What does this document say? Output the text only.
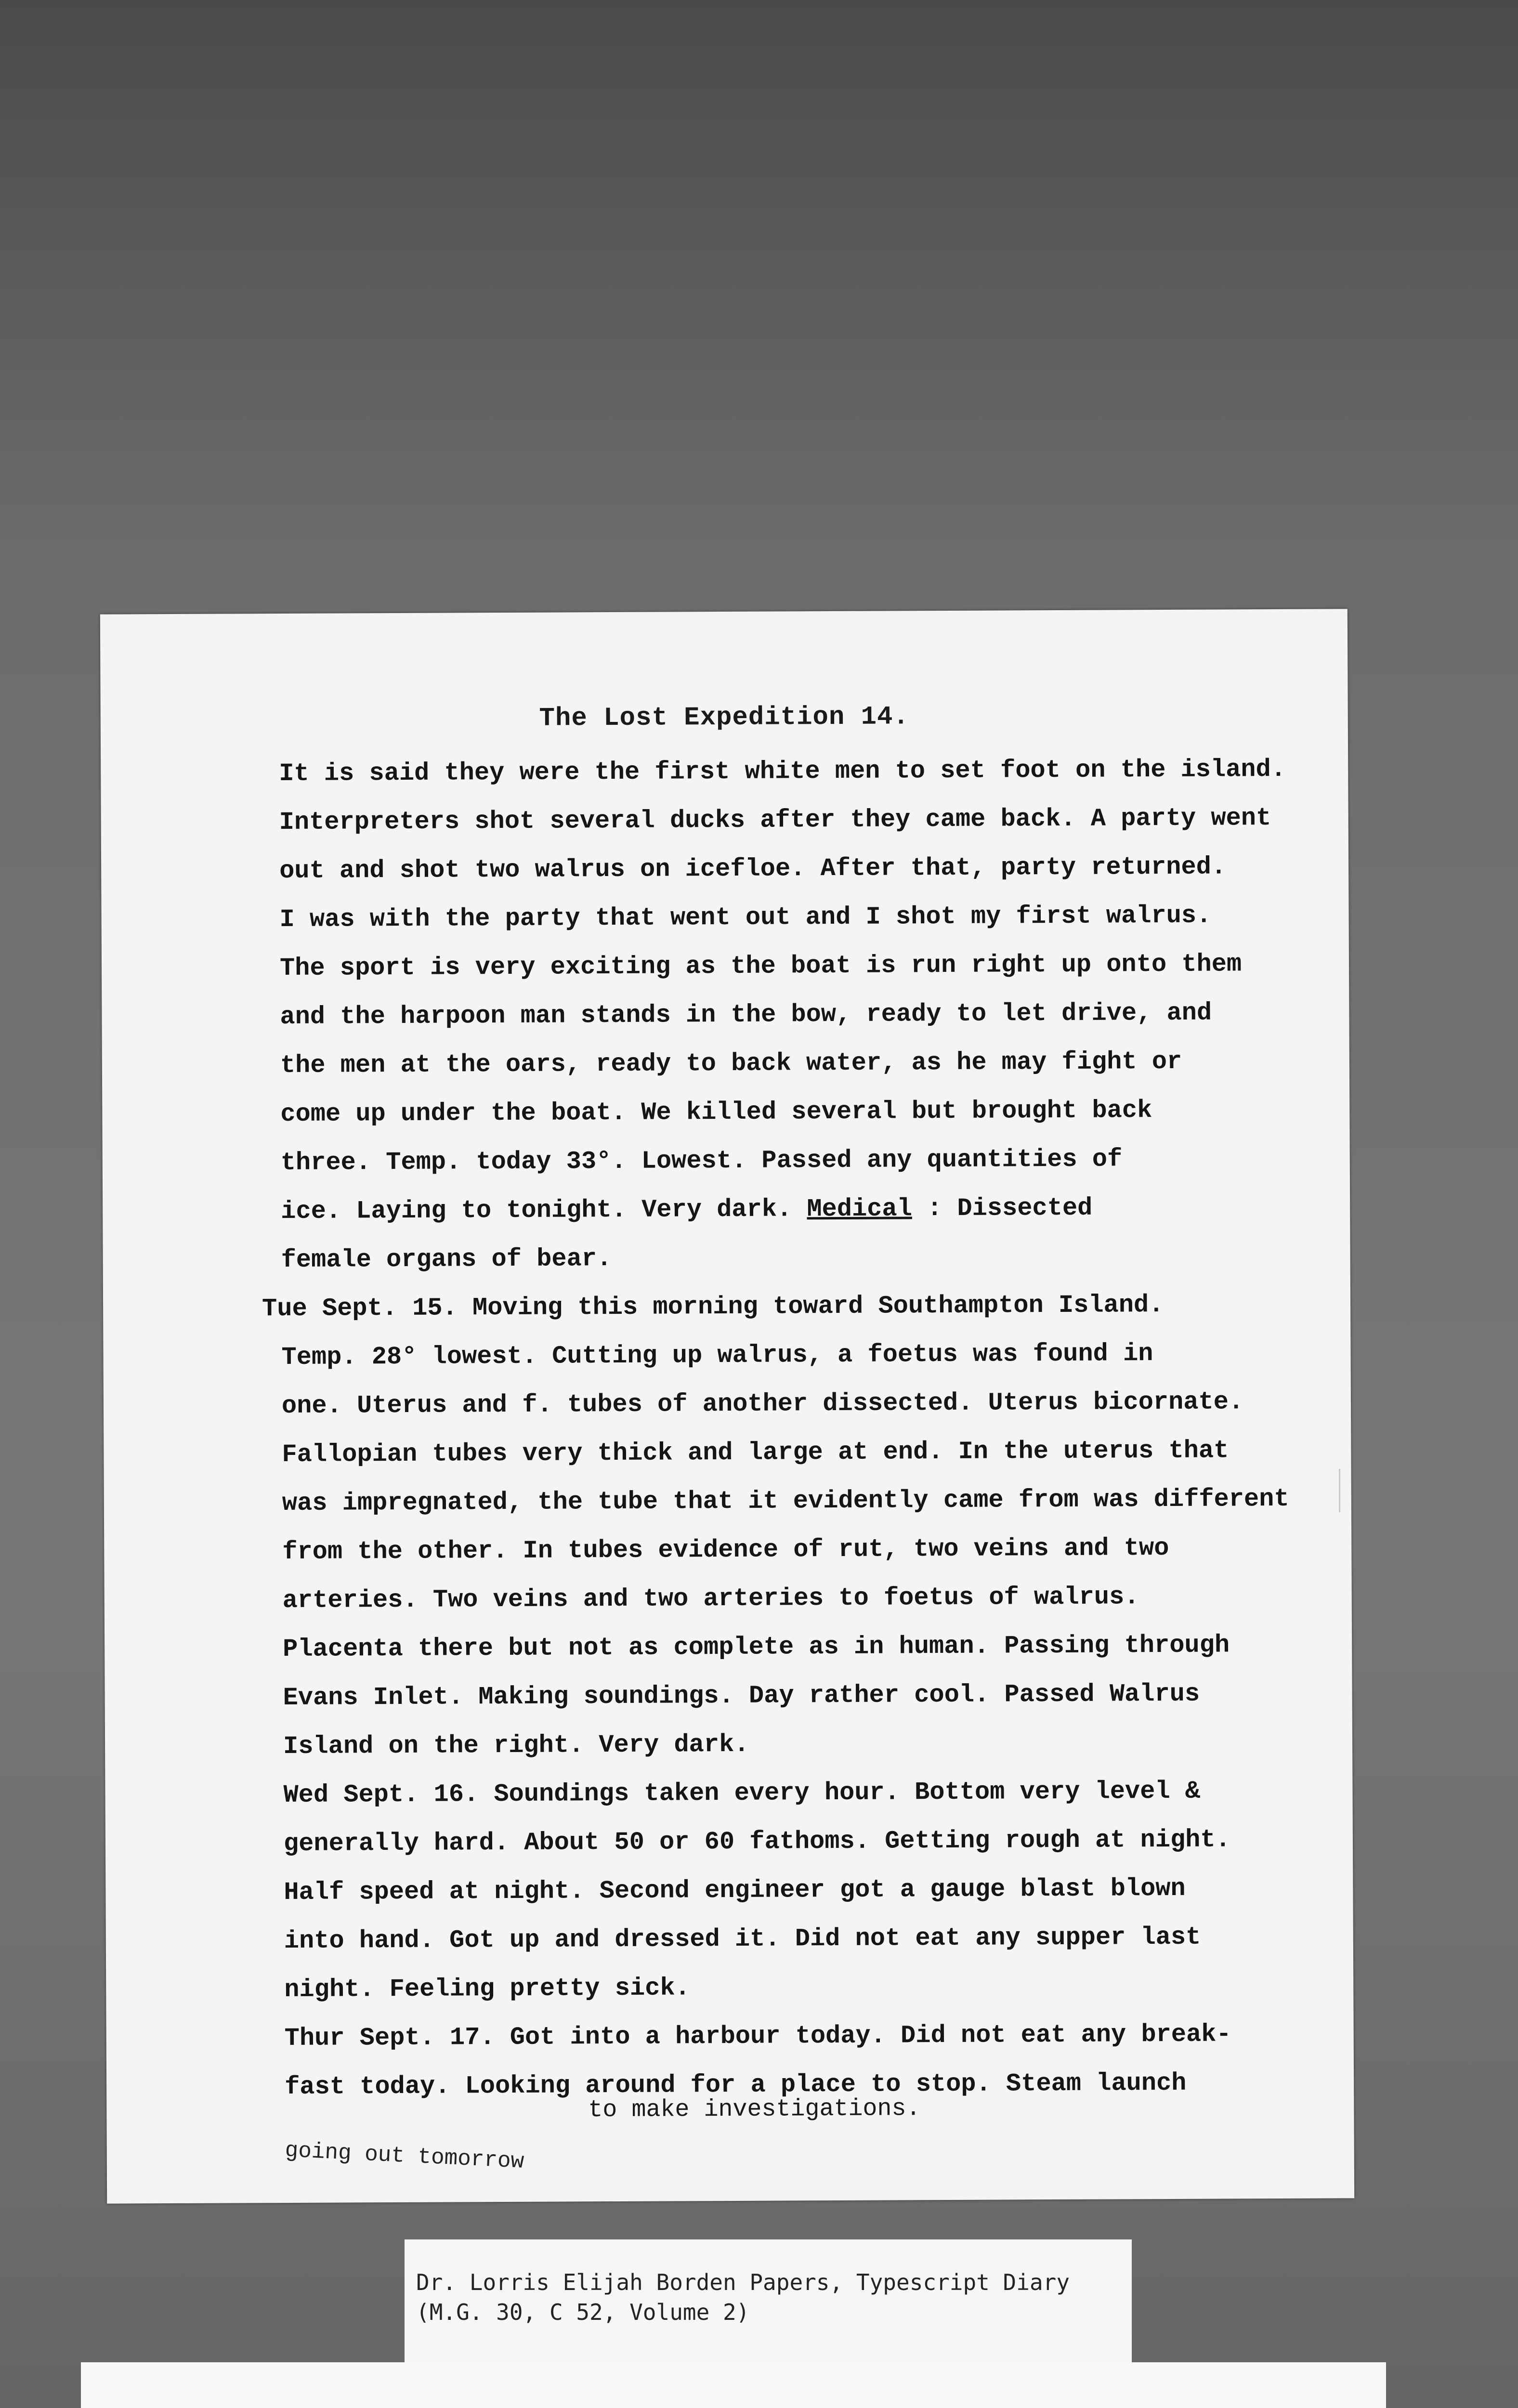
The Lost Expedition 14.
It is said they were the first white men to set foot on the island.
Interpreters shot several ducks after they came back. A party went
out and shot two walrus on icefloe. After that, party returned.
I was with the party that went out and I shot my first walrus.
The sport is very exciting as the boat is run right up onto them
and the harpoon man stands in the bow, ready to let drive, and
the men at the oars, ready to back water, as he may fight or
come up under the boat. We killed several but brought back
three. Temp. today 33°. Lowest. Passed any quantities of
ice. Laying to tonight. Very dark. Medical : Dissected
female organs of bear.
Tue Sept. 15. Moving this morning toward Southampton Island.
Temp. 28° lowest. Cutting up walrus, a foetus was found in
one. Uterus and f. tubes of another dissected. Uterus bicornate.
Fallopian tubes very thick and large at end. In the uterus that
was impregnated, the tube that it evidently came from was different
from the other. In tubes evidence of rut, two veins and two
arteries. Two veins and two arteries to foetus of walrus.
Placenta there but not as complete as in human. Passing through
Evans Inlet. Making soundings. Day rather cool. Passed Walrus
Island on the right. Very dark.
Wed Sept. 16. Soundings taken every hour. Bottom very level &
generally hard. About 50 or 60 fathoms. Getting rough at night.
Half speed at night. Second engineer got a gauge blast blown
into hand. Got up and dressed it. Did not eat any supper last
night. Feeling pretty sick.
Thur Sept. 17. Got into a harbour today. Did not eat any break-
fast today. Looking around for a place to stop. Steam launch
to make investigations.
going out tomorrow
Dr. Lorris Elijah Borden Papers, Typescript Diary
(M.G. 30, C 52, Volume 2)
